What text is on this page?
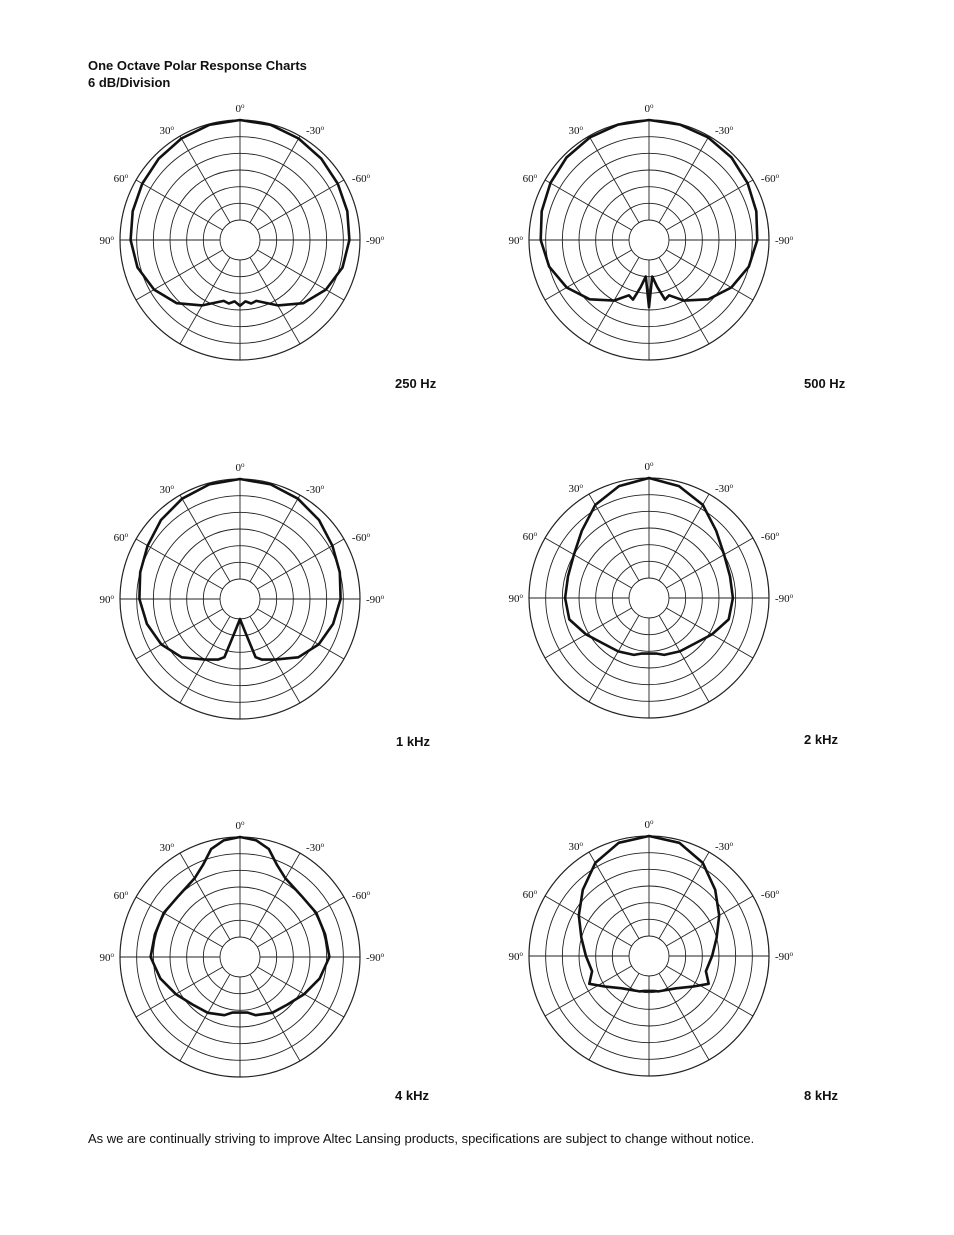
One Octave Polar Response Charts
6 dB/Division
0$^o$
30$^o$	-30$^o$
60$^o$	-60$^o$
90$^o$	-90$^o$
250 Hz
0$^o$
30$^o$	-30$^o$
60$^o$	-60$^o$
90$^o$	-90$^o$
500 Hz
0$^o$
30$^o$	-30$^o$
60$^o$	-60$^o$
90$^o$	-90$^o$
1 kHz
0$^o$
30$^o$	-30$^o$
60$^o$	-60$^o$
90$^o$	-90$^o$
2 kHz
0$^o$
30$^o$	-30$^o$
60$^o$	-60$^o$
90$^o$	-90$^o$
4 kHz
0$^o$
30$^o$	-30$^o$
60$^o$	-60$^o$
90$^o$	-90$^o$
8 kHz
As we are continually striving to improve Altec Lansing products, specifications are subject to change without notice.
